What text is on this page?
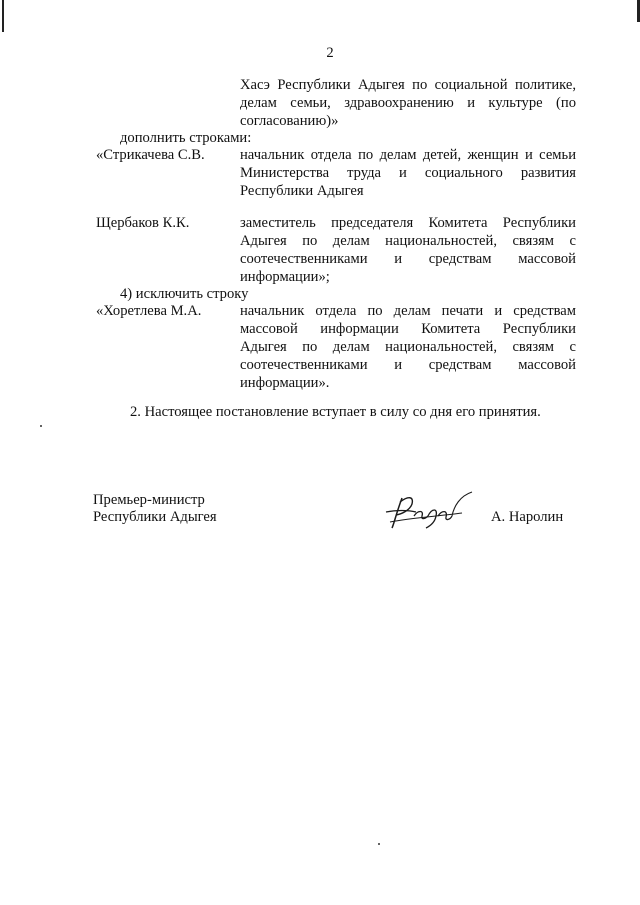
2
Хасэ Республики Адыгея по социальной политике,
делам семьи, здравоохранению и культуре (по
согласованию)»
дополнить строками:
«Стрикачева С.В. начальник отдела по делам детей, женщин и семьи
Министерства труда и социального развития
Республики Адыгея
Щербаков К.К.	заместитель председателя Комитета Республики
Адыгея по делам национальностей, связям с
соотечественниками и средствам массовой
информации»;
4) исключить строку
«Хоретлева М.А.	начальник отдела по делам печати и средствам
массовой информации Комитета Республики
Адыгея по делам национальностей, связям с
соотечественниками и средствам массовой
информации».
2. Настоящее постановление вступает в силу со дня его принятия.
Премьер-министр
Республики Адыгея	А. Наролин
